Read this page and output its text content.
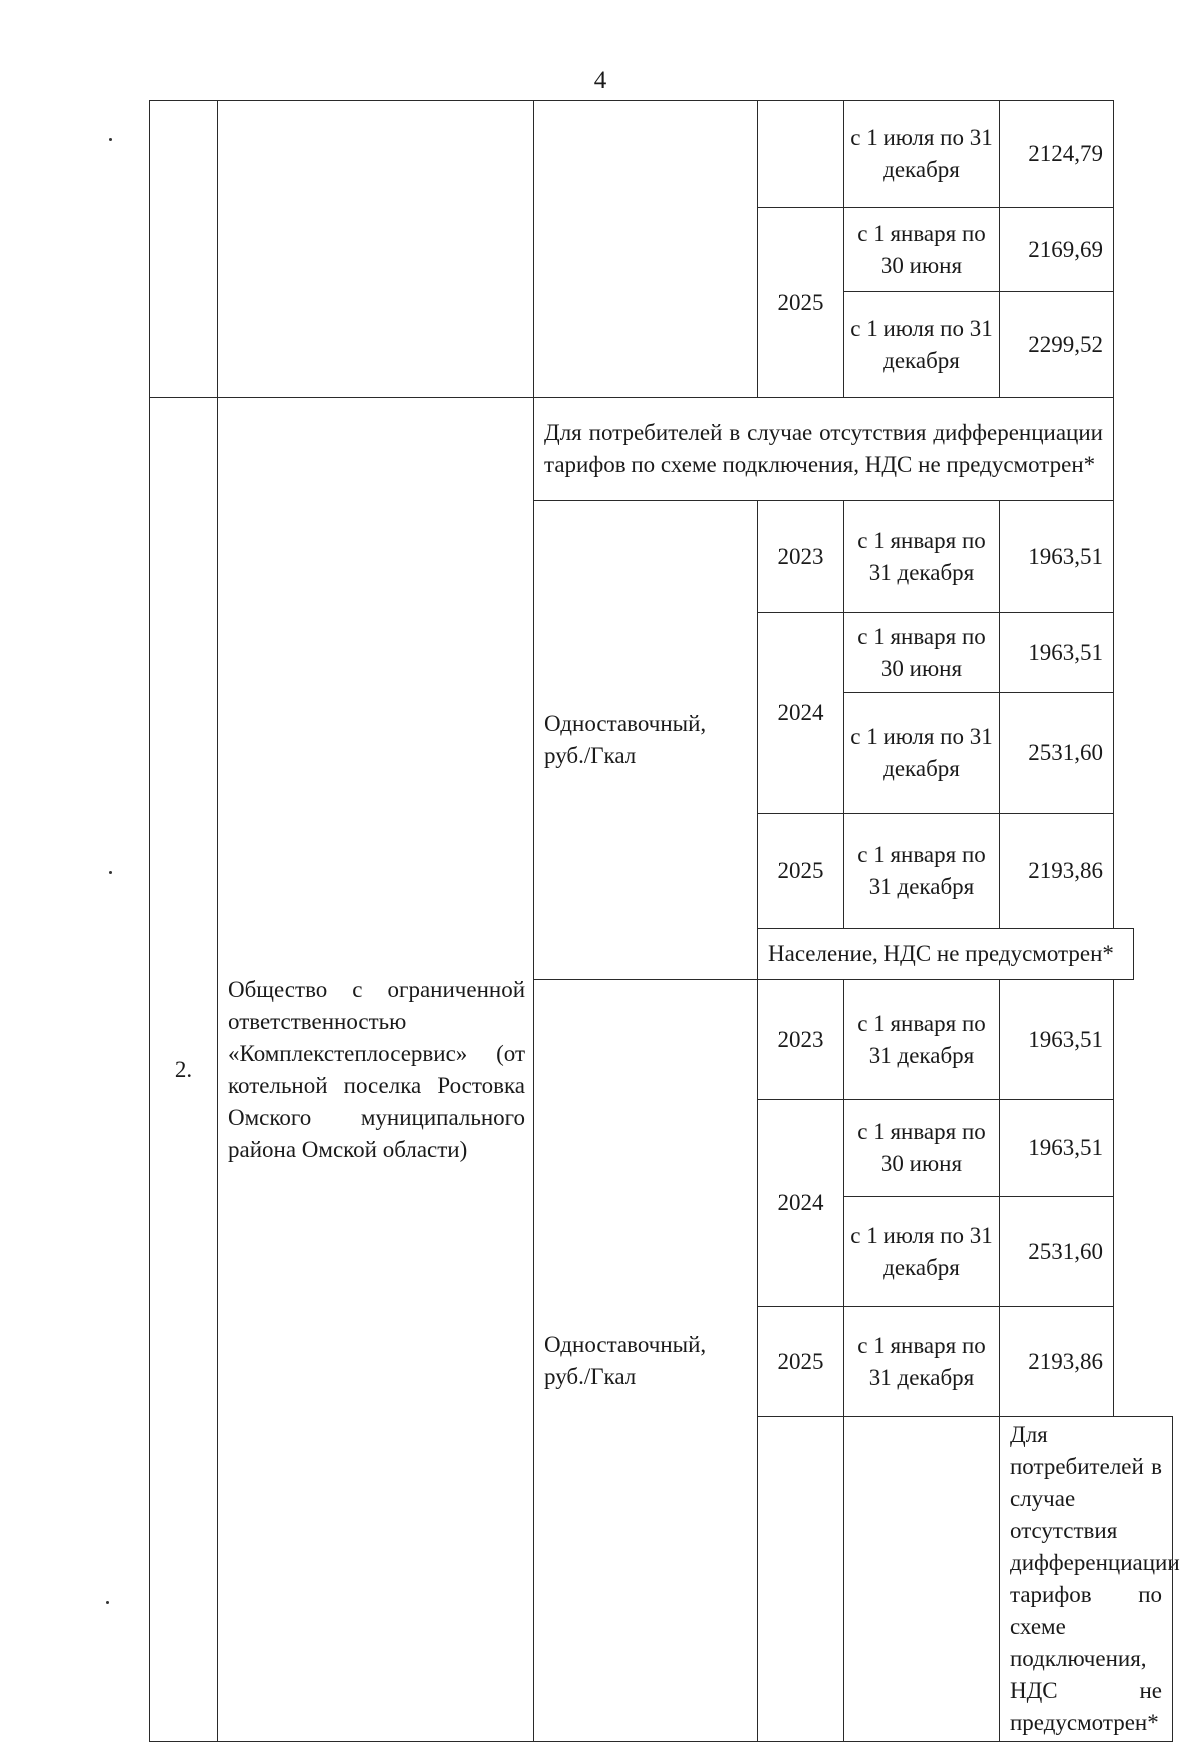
4
				с 1 июля по 31 декабря	2124,79
			2025	с 1 января по 30 июня	2169,69
				с 1 июля по 31 декабря	2299,52
2.	Общество с ограниченной ответственностью «Комплекстеплосервис» (от котельной поселка Ростовка Омского муниципального района Омской области)	Для потребителей в случае отсутствия дифференциации тарифов по схеме подключения, НДС не предусмотрен*			
		Одноставочный, руб./Гкал	2023	с 1 января по 31 декабря	1963,51
			2024	с 1 января по 30 июня	1963,51
				с 1 июля по 31 декабря	2531,60
			2025	с 1 января по 31 декабря	2193,86
			Население, НДС не предусмотрен*		
		Одноставочный, руб./Гкал	2023	с 1 января по 31 декабря	1963,51
			2024	с 1 января по 30 июня	1963,51
				с 1 июля по 31 декабря	2531,60
			2025	с 1 января по 31 декабря	2193,86
					Для потребителей в случае отсутствия дифференциации тарифов по схеме подключения, НДС не предусмотрен*
